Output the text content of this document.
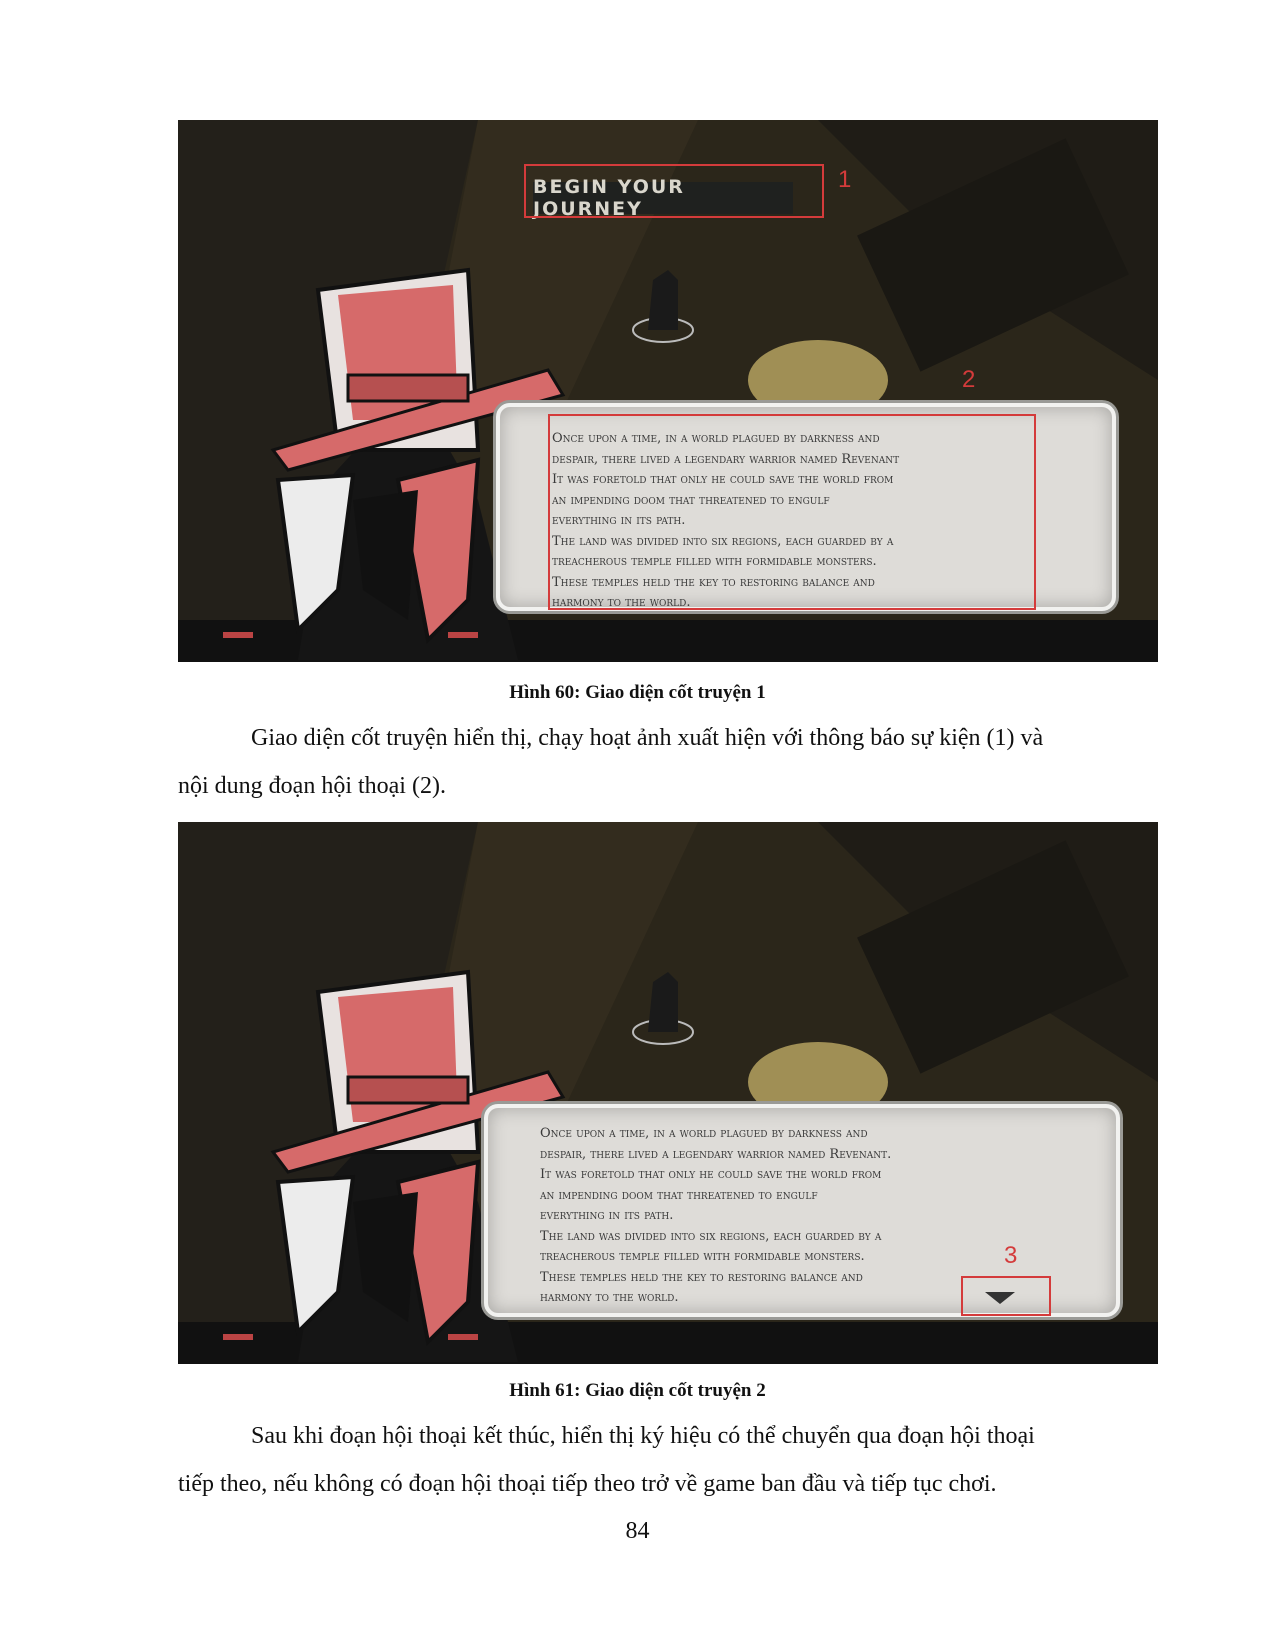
BEGIN YOUR JOURNEY
1
2
Once upon a time, in a world plagued by darkness and
despair, there lived a legendary warrior named Revenant
It was foretold that only he could save the world from
an impending doom that threatened to engulf
everything in its path.
The land was divided into six regions, each guarded by a
treacherous temple filled with formidable monsters.
These temples held the key to restoring balance and
harmony to the world.
Hình 60: Giao diện cốt truyện 1

Giao diện cốt truyện hiển thị, chạy hoạt ảnh xuất hiện với thông báo sự kiện (1) và
nội dung đoạn hội thoại (2).

Once upon a time, in a world plagued by darkness and
despair, there lived a legendary warrior named Revenant.
It was foretold that only he could save the world from
an impending doom that threatened to engulf
everything in its path.
The land was divided into six regions, each guarded by a
treacherous temple filled with formidable monsters.
These temples held the key to restoring balance and
harmony to the world.
3
Hình 61: Giao diện cốt truyện 2

Sau khi đoạn hội thoại kết thúc, hiển thị ký hiệu có thể chuyển qua đoạn hội thoại
tiếp theo, nếu không có đoạn hội thoại tiếp theo trở về game ban đầu và tiếp tục chơi.

84
